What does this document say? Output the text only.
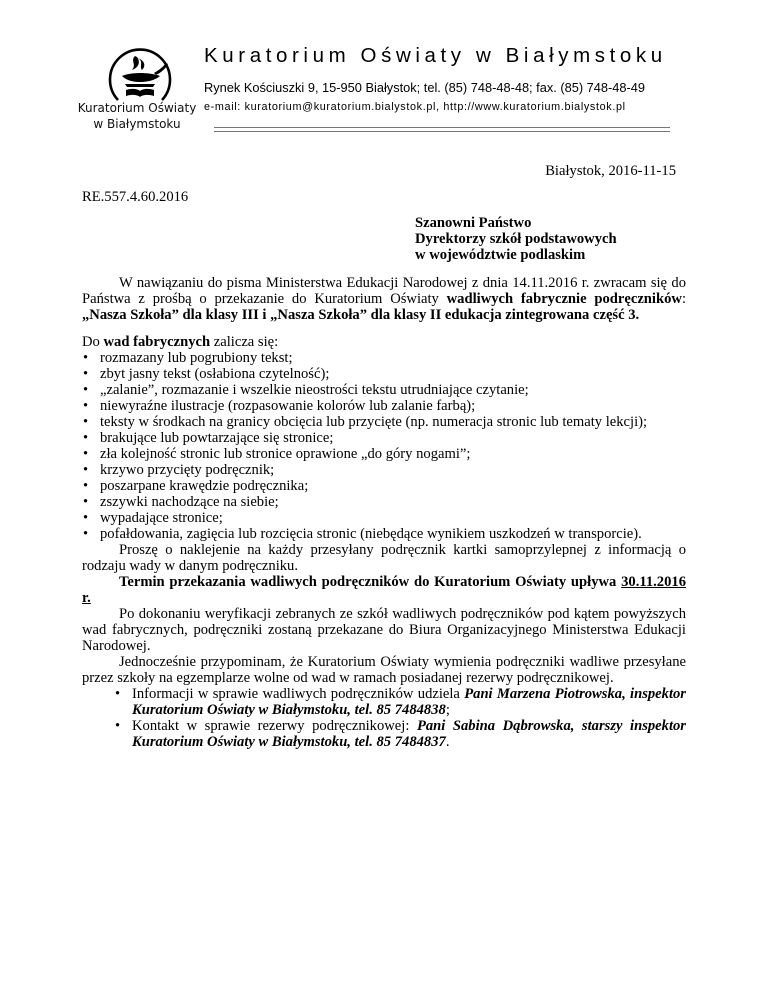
Kuratorium Oświaty
w Białymstoku
Kuratorium Oświaty w Białymstoku
Rynek Kościuszki 9, 15-950 Białystok; tel. (85) 748-48-48; fax. (85) 748-48-49
e-mail: kuratorium@kuratorium.bialystok.pl, http://www.kuratorium.bialystok.pl
Białystok, 2016-11-15
RE.557.4.60.2016
Szanowni Państwo
Dyrektorzy szkół podstawowych
w województwie podlaskim

W nawiązaniu do pisma Ministerstwa Edukacji Narodowej z dnia 14.11.2016 r. zwracam się do Państwa z prośbą o przekazanie do Kuratorium Oświaty wadliwych fabrycznie podręczników: „Nasza Szkoła” dla klasy III i „Nasza Szkoła” dla klasy II edukacja zintegrowana część 3.

Do wad fabrycznych zalicza się:

• rozmazany lub pogrubiony tekst;
• zbyt jasny tekst (osłabiona czytelność);
• „zalanie”, rozmazanie i wszelkie nieostrości tekstu utrudniające czytanie;
• niewyraźne ilustracje (rozpasowanie kolorów lub zalanie farbą);
• teksty w środkach na granicy obcięcia lub przycięte (np. numeracja stronic lub tematy lekcji);
• brakujące lub powtarzające się stronice;
• zła kolejność stronic lub stronice oprawione „do góry nogami”;
• krzywo przycięty podręcznik;
• poszarpane krawędzie podręcznika;
• zszywki nachodzące na siebie;
• wypadające stronice;
• pofałdowania, zagięcia lub rozcięcia stronic (niebędące wynikiem uszkodzeń w transporcie).

Proszę o naklejenie na każdy przesyłany podręcznik kartki samoprzylepnej z informacją o rodzaju wady w danym podręczniku.

Termin przekazania wadliwych podręczników do Kuratorium Oświaty upływa 30.11.2016 r.

Po dokonaniu weryfikacji zebranych ze szkół wadliwych podręczników pod kątem powyższych wad fabrycznych, podręczniki zostaną przekazane do Biura Organizacyjnego Ministerstwa Edukacji Narodowej.

Jednocześnie przypominam, że Kuratorium Oświaty wymienia podręczniki wadliwe przesyłane przez szkoły na egzemplarze wolne od wad w ramach posiadanej rezerwy podręcznikowej.

• Informacji w sprawie wadliwych podręczników udziela Pani Marzena Piotrowska, inspektor Kuratorium Oświaty w Białymstoku, tel. 85 7484838;
• Kontakt w sprawie rezerwy podręcznikowej: Pani Sabina Dąbrowska, starszy inspektor Kuratorium Oświaty w Białymstoku, tel. 85 7484837.
